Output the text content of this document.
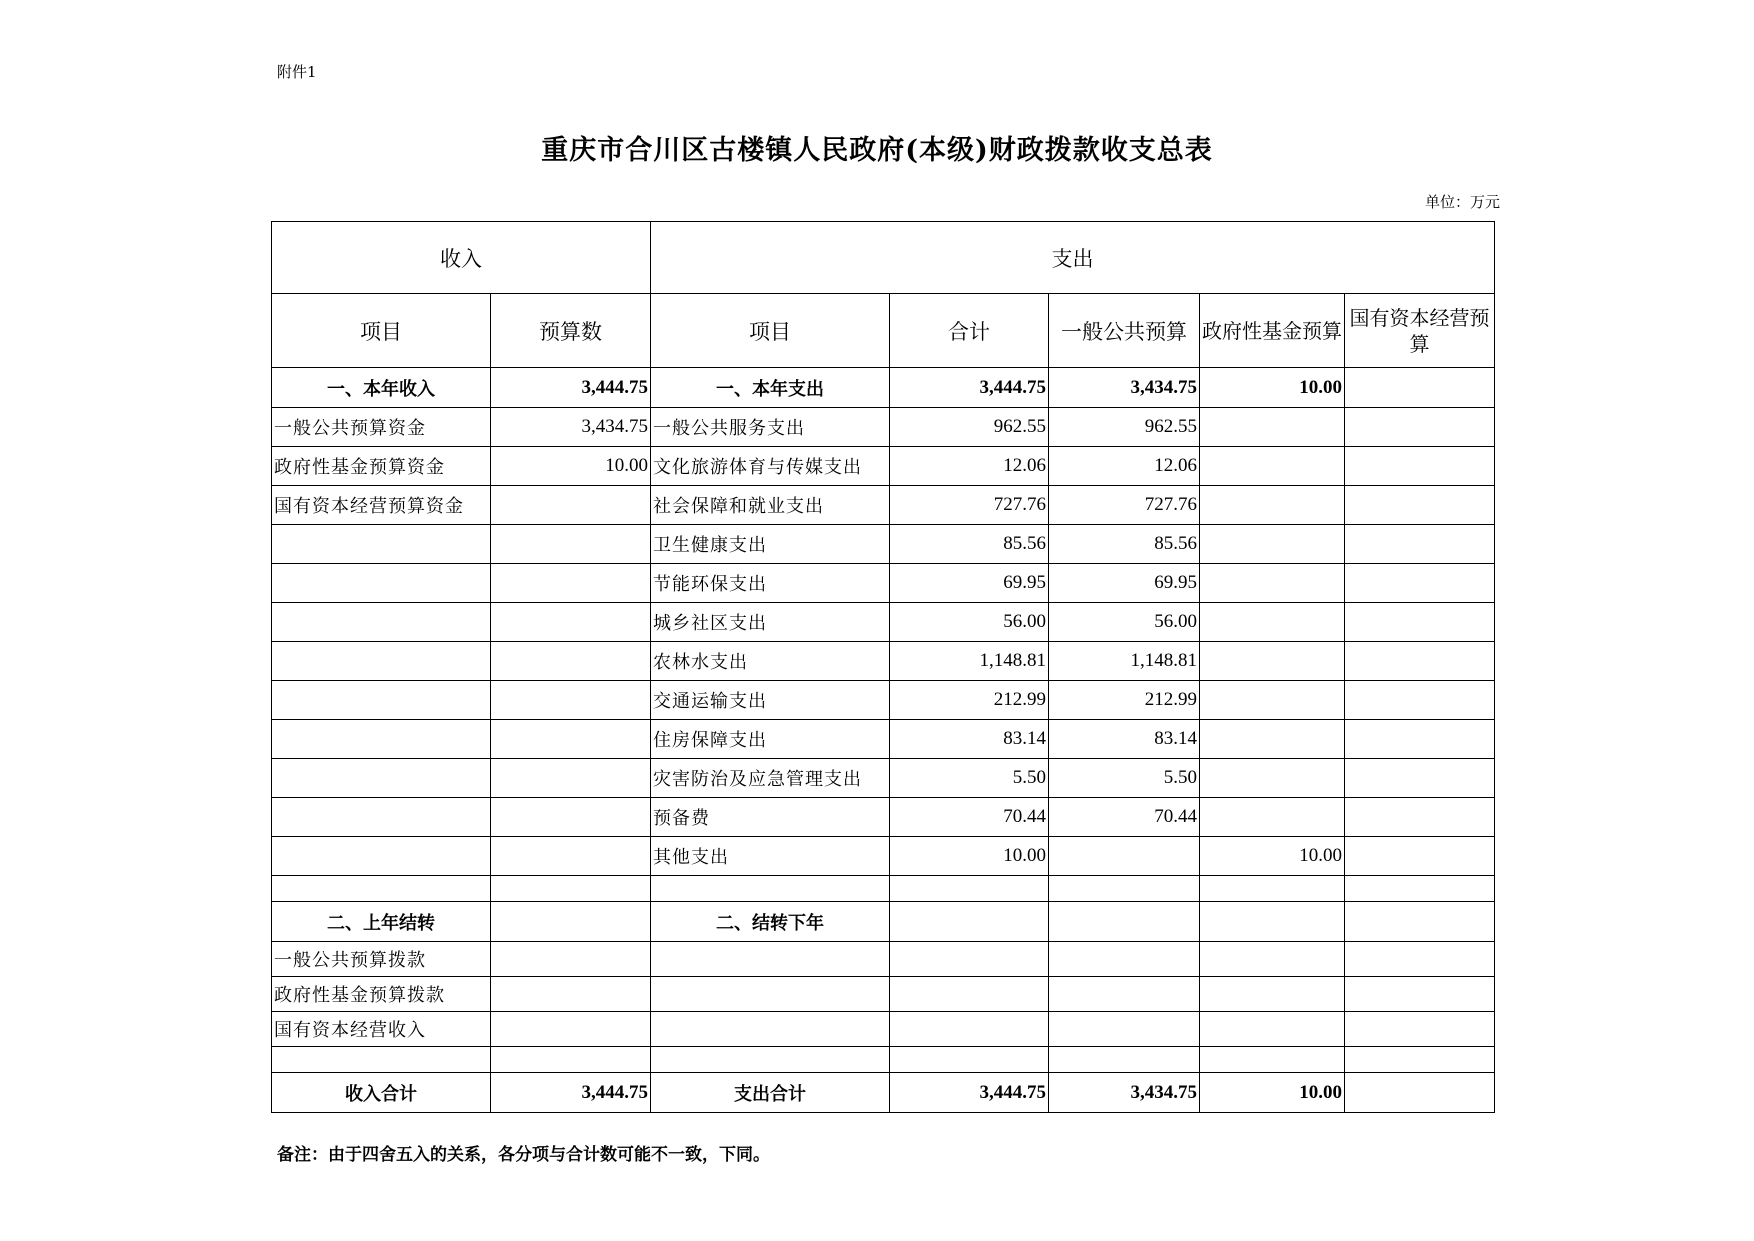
附件1
重庆市合川区古楼镇人民政府(本级)财政拨款收支总表
单位：万元
收入		支出				
项目	预算数	项目	合计	一般公共预算	政府性基金预算	国有资本经营预算
一、本年收入	3,444.75	一、本年支出	3,444.75	3,434.75	10.00	
一般公共预算资金	3,434.75	一般公共服务支出	962.55	962.55		
政府性基金预算资金	10.00	文化旅游体育与传媒支出	12.06	12.06		
国有资本经营预算资金		社会保障和就业支出	727.76	727.76		
		卫生健康支出	85.56	85.56		
		节能环保支出	69.95	69.95		
		城乡社区支出	56.00	56.00		
		农林水支出	1,148.81	1,148.81		
		交通运输支出	212.99	212.99		
		住房保障支出	83.14	83.14		
		灾害防治及应急管理支出	5.50	5.50		
		预备费	70.44	70.44		
		其他支出	10.00		10.00	

二、上年结转		二、结转下年				
一般公共预算拨款						
政府性基金预算拨款						
国有资本经营收入						

收入合计	3,444.75	支出合计	3,444.75	3,434.75	10.00	
备注：由于四舍五入的关系，各分项与合计数可能不一致，下同。
